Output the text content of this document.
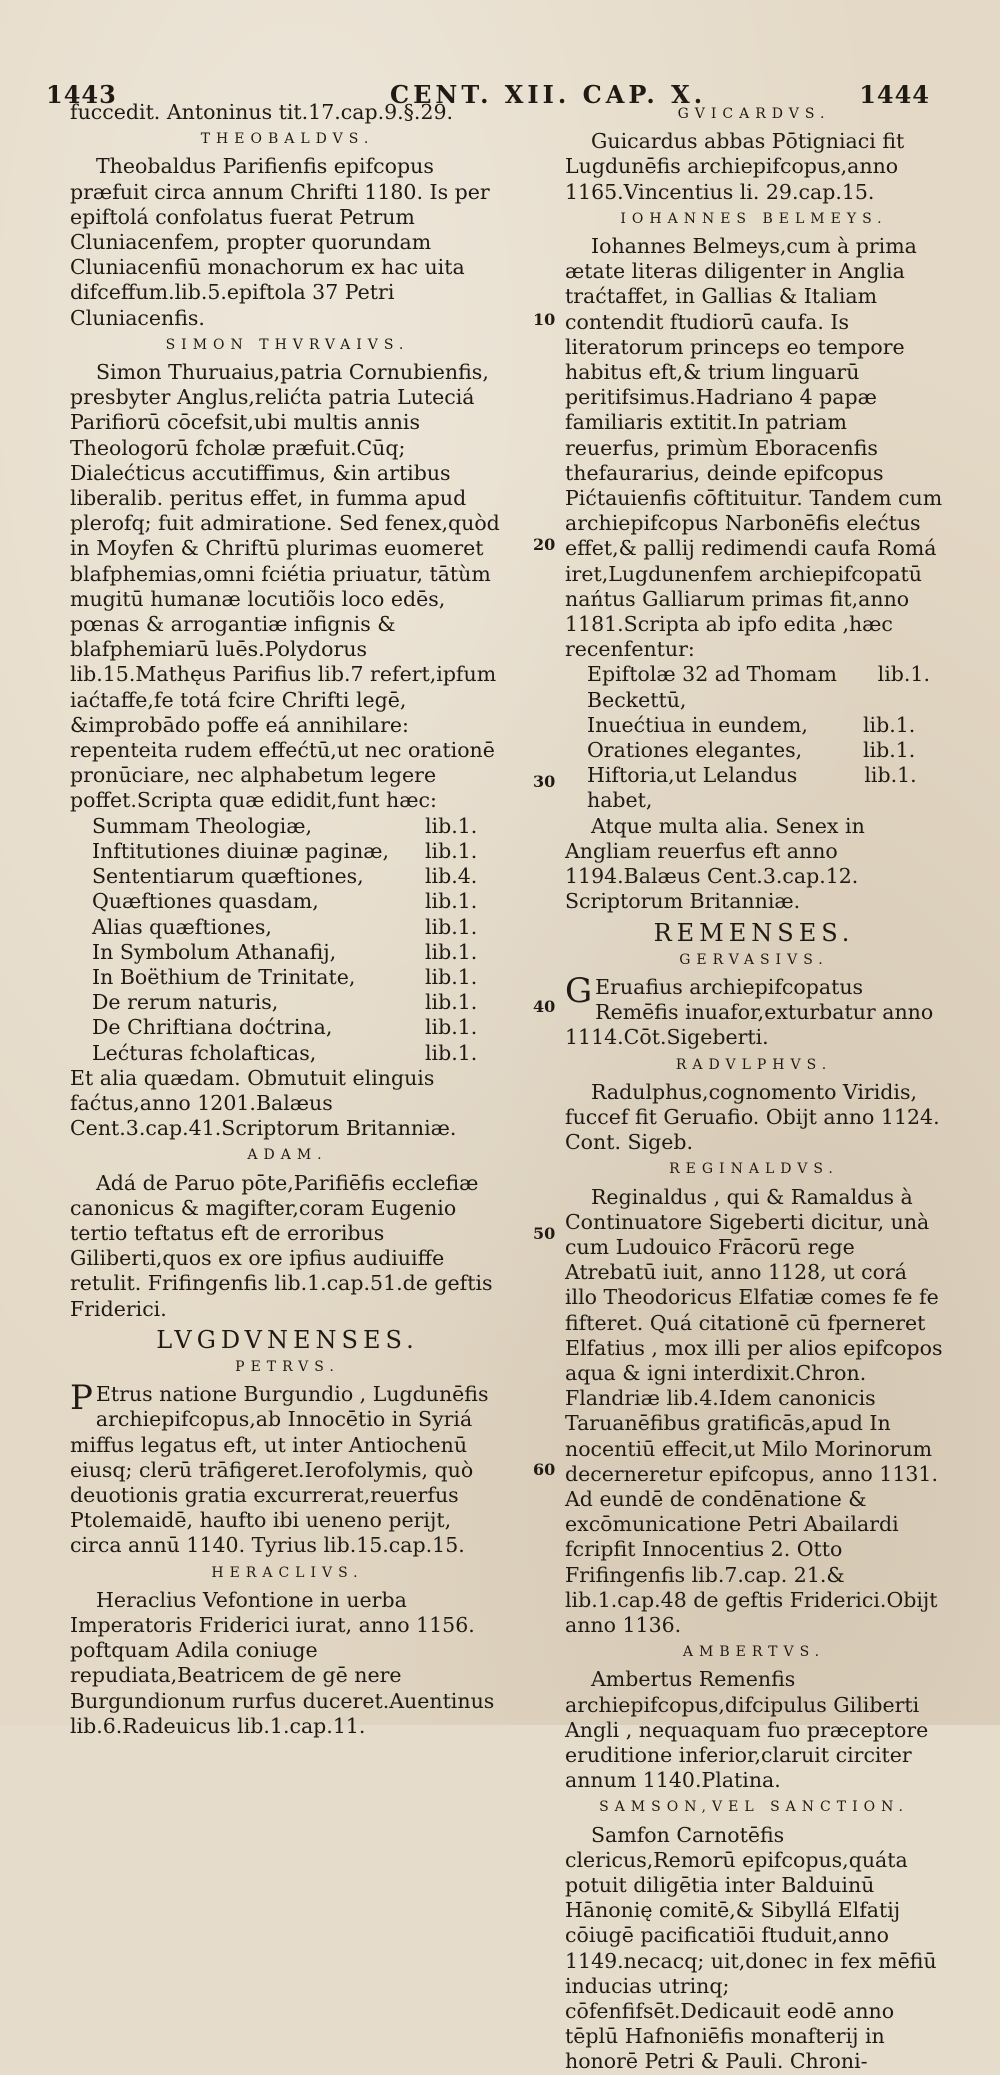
1443	CENT. XII. CAP. X.	1444
10
20
30
40
50
60

fuccedit. Antoninus tit.17.cap.9.§.29.

THEOBALDVS.

Theobaldus Parifienfis epifcopus præfuit circa annum Chrifti 1180. Is per epiftolá confolatus fuerat Petrum Cluniacenfem, propter quorundam Cluniacenfiū monachorum ex hac uita difceffum.lib.5.epiftola 37 Petri Cluniacenfis.

SIMON THVRVAIVS.

Simon Thuruaius,patria Cornubienfis, presbyter Anglus,relićta patria Luteciá Parifiorū cōcefsit,ubi multis annis Theologorū fcholæ præfuit.Cūq; Dialećticus accutiffimus, &in artibus liberalib. peritus effet, in fumma apud plerofq; fuit admiratione. Sed fenex,quòd in Moyfen & Chriftū plurimas euomeret blafphemias,omni fciétia priuatur, tātùm mugitū humanæ locutiõis loco edēs, pœnas & arrogantiæ infignis & blafphemiarū luēs.Polydorus lib.15.Mathęus Parifius lib.7 refert,ipfum iaćtaffe,fe totá fcire Chrifti legē, &improbādo poffe eá annihilare: repenteita rudem effećtū,ut nec orationē pronūciare, nec alphabetum legere poffet.Scripta quæ edidit,funt hæc:

Summam Theologiæ,	lib.1.
Inftitutiones diuinæ paginæ, lib.1.
Sententiarum quæftiones,	lib.4.
Quæftiones quasdam,	lib.1.
Alias quæftiones,	lib.1.
In Symbolum Athanafij,	lib.1.
In Boëthium de Trinitate,	lib.1.
De rerum naturis,	lib.1.
De Chriftiana doćtrina,	lib.1.
Lećturas fcholafticas,	lib.1.

Et alia quædam. Obmutuit elinguis faćtus,anno 1201.Balæus Cent.3.cap.41.Scriptorum Britanniæ.

ADAM.

Adá de Paruo pōte,Parifiēfis ecclefiæ canonicus & magifter,coram Eugenio tertio teftatus eft de erroribus Giliberti,quos ex ore ipfius audiuiffe retulit. Frifingenfis lib.1.cap.51.de geftis Friderici.

LVGDVNENSES.
PETRVS.

P Etrus natione Burgundio , Lugdunēfis archiepifcopus,ab Innocētio in Syriá miffus legatus eft, ut inter Antiochenū eiusq; clerū trāfigeret.Ierofolymis, quò deuotionis gratia excurrerat,reuerfus Ptolemaidē, haufto ibi ueneno perijt, circa annū 1140. Tyrius lib.15.cap.15.

HERACLIVS.

Heraclius Vefontione in uerba Imperatoris Friderici iurat, anno 1156. poftquam Adila coniuge repudiata,Beatricem de gē nere Burgundionum rurfus duceret.Auentinus lib.6.Radeuicus lib.1.cap.11.

GVICARDVS.

Guicardus abbas Pōtigniaci fit Lugdunēfis archiepifcopus,anno 1165.Vincentius li. 29.cap.15.

IOHANNES BELMEYS.

Iohannes Belmeys,cum à prima ætate literas diligenter in Anglia traćtaffet, in Gallias & Italiam contendit ftudiorū caufa. Is literatorum princeps eo tempore habitus eft,& trium linguarū peritifsimus.Hadriano 4 papæ familiaris extitit.In patriam reuerfus, primùm Eboracenfis thefaurarius, deinde epifcopus Pićtauienfis cōftituitur. Tandem cum archiepifcopus Narbonēfis elećtus effet,& pallij redimendi caufa Romá iret,Lugdunenfem archiepifcopatū nańtus Galliarum primas fit,anno 1181.Scripta ab ipfo edita ,hæc recenfentur:

Epiftolæ 32 ad Thomam Beckettū,
lib.1.
Inuećtiua in eundem,	lib.1.
Orationes elegantes,	lib.1.
Hiftoria,ut Lelandus habet,
lib.1.

Atque multa alia. Senex in Angliam reuerfus eft anno 1194.Balæus Cent.3.cap.12. Scriptorum Britanniæ.

REMENSES.
GERVASIVS.

G Eruafius archiepifcopatus Remēfis inuafor,exturbatur anno 1114.Cōt.Sigeberti.

RADVLPHVS.

Radulphus,cognomento Viridis, fuccef fit Geruafio. Obijt anno 1124. Cont. Sigeb.

REGINALDVS.

Reginaldus , qui & Ramaldus à Continuatore Sigeberti dicitur, unà cum Ludouico Frācorū rege Atrebatū iuit, anno 1128, ut corá illo Theodoricus Elfatiæ comes fe fe fifteret. Quá citationē cū fperneret Elfatius , mox illi per alios epifcopos aqua & igni interdixit.Chron. Flandriæ lib.4.Idem canonicis Taruanēfibus gratificās,apud In nocentiū effecit,ut Milo Morinorum decerneretur epifcopus, anno 1131. Ad eundē de condēnatione & excōmunicatione Petri Abailardi fcripfit Innocentius 2. Otto Frifingenfis lib.7.cap. 21.& lib.1.cap.48 de geftis Friderici.Obijt anno 1136.

AMBERTVS.

Ambertus Remenfis archiepifcopus,difcipulus Giliberti Angli , nequaquam fuo præceptore eruditione inferior,claruit circiter annum 1140.Platina.

SAMSON,VEL SANCTION.

Samfon Carnotēfis clericus,Remorū epifcopus,quáta potuit diligētia inter Balduinū Hānonię comitē,& Sibyllá Elfatij cōiugē pacificatiōi ftuduit,anno 1149.necacq; uit,donec in fex mēfiū inducias utrinq; cōfenfifsēt.Dedicauit eodē anno tēplū Hafnoniēfis monafterij in honorē Petri & Pauli. Chroni-
